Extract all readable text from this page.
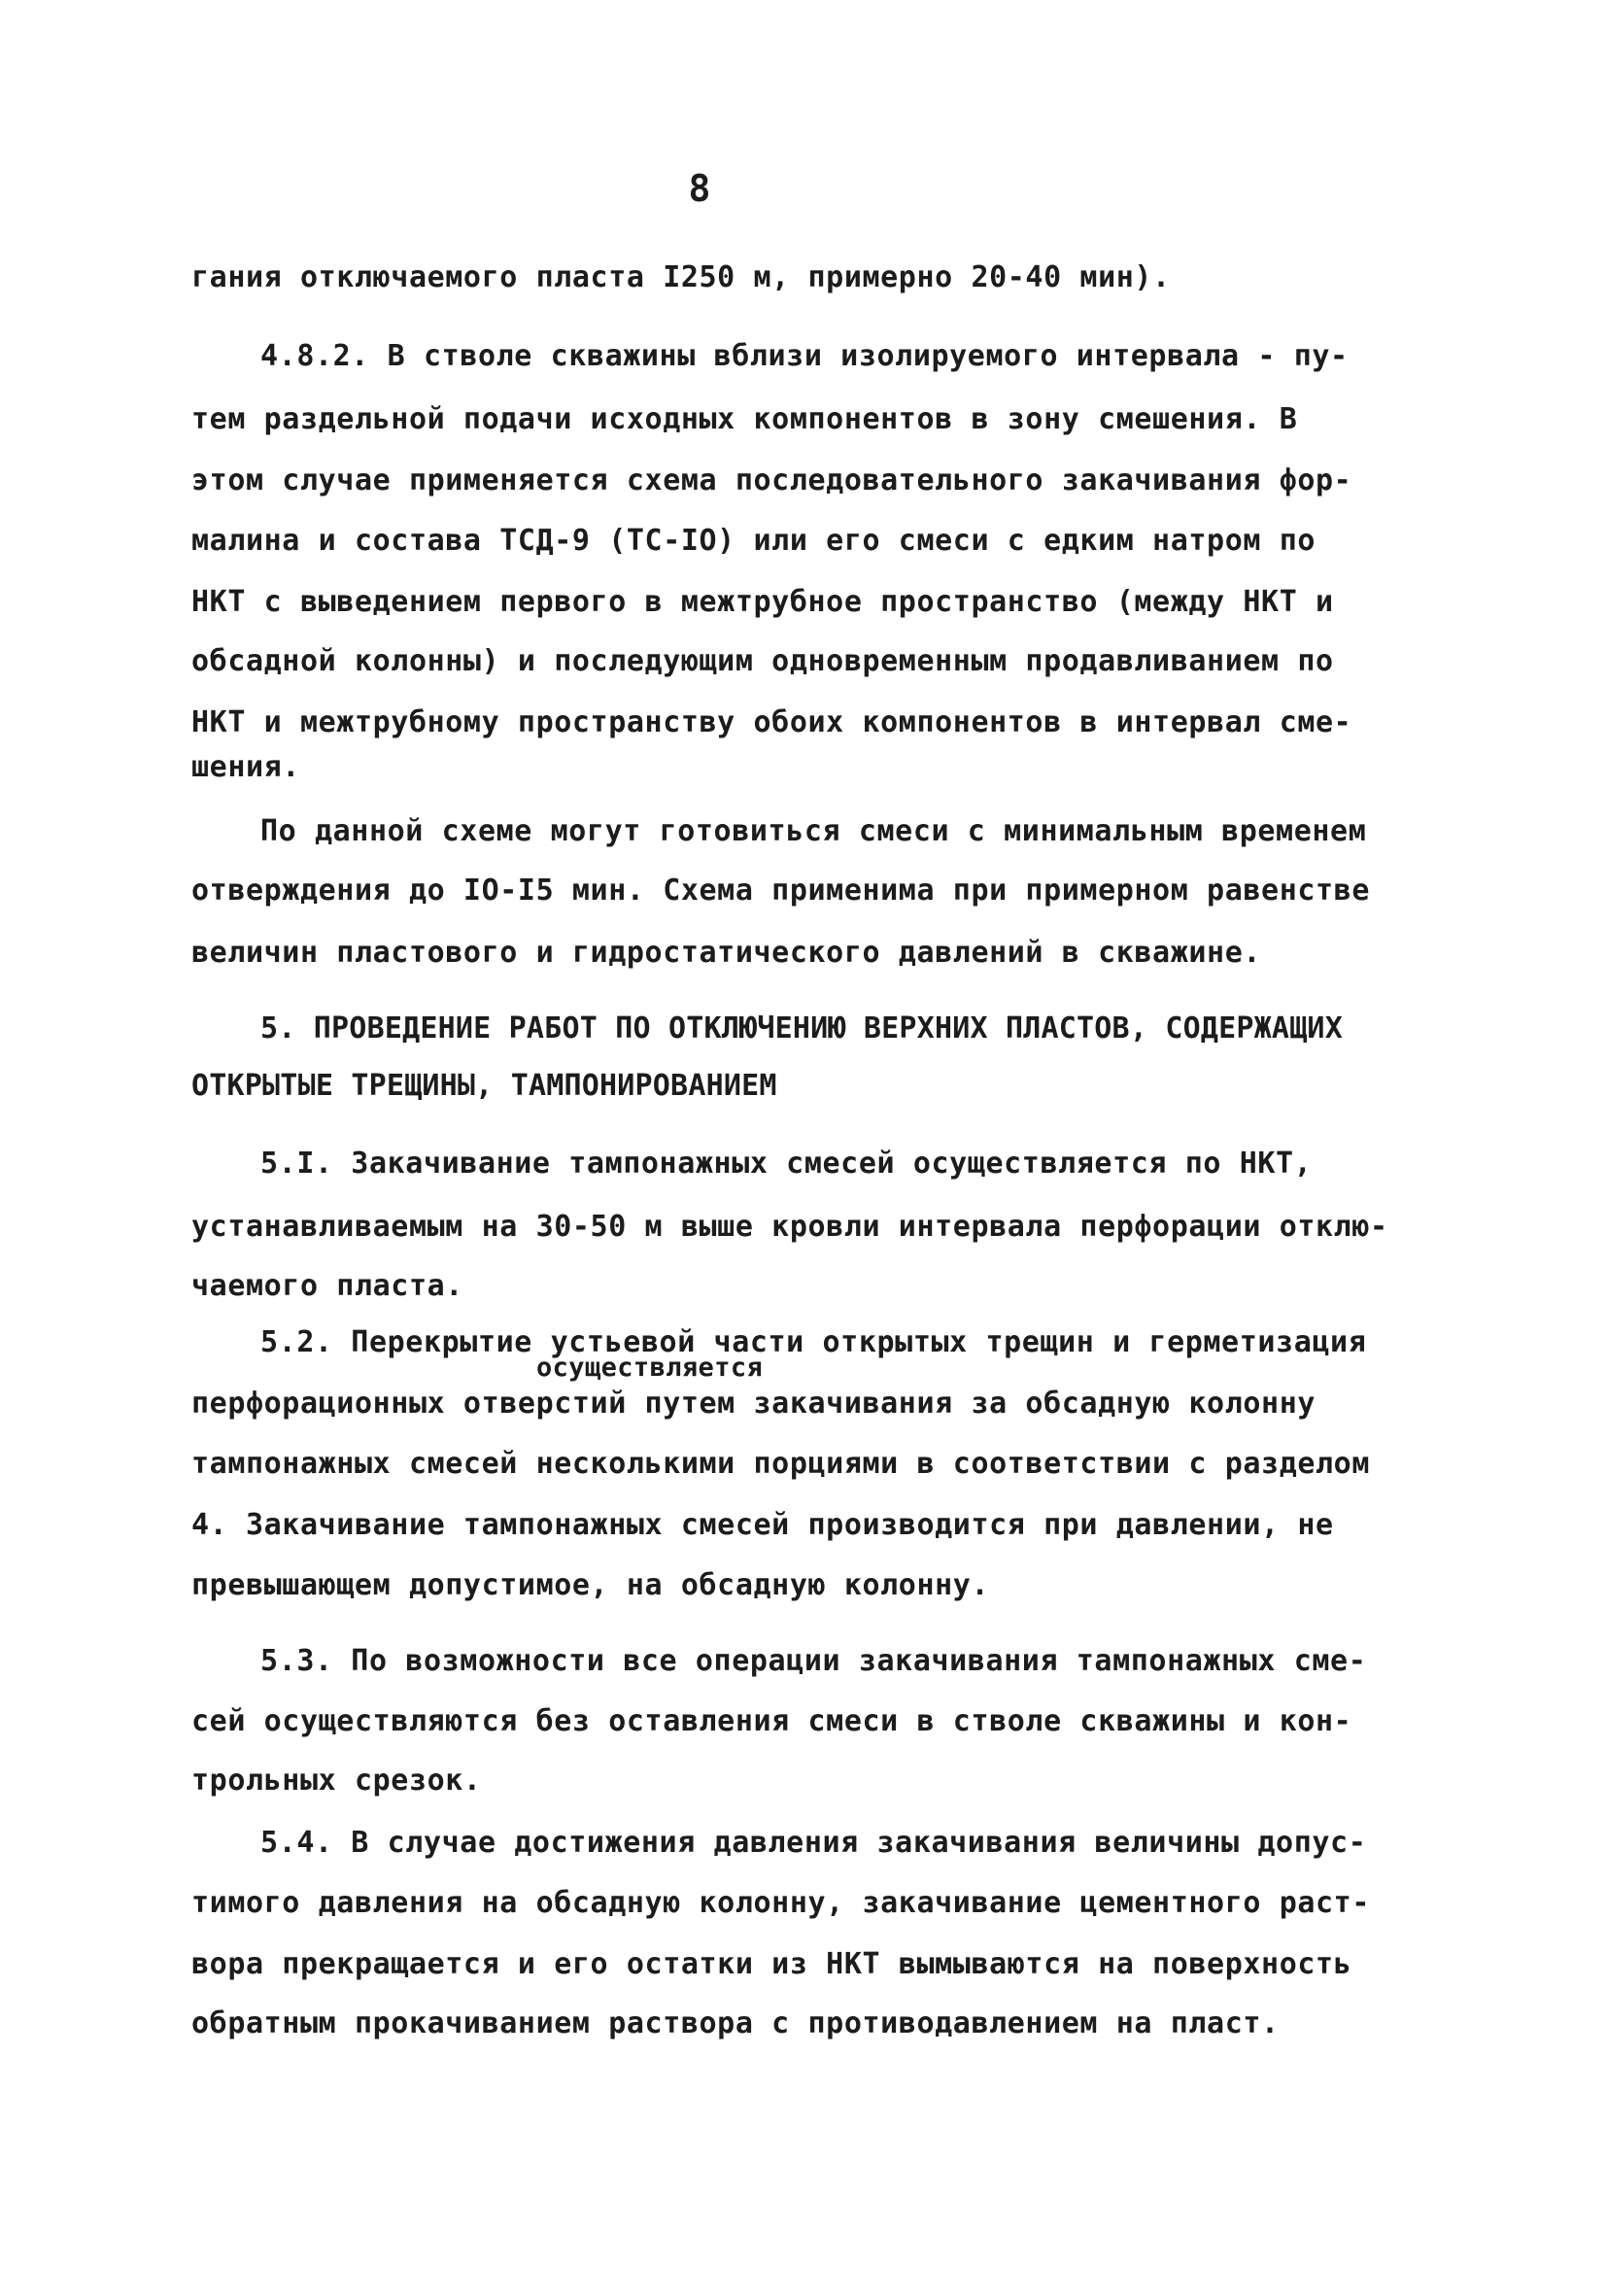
8
гания отключаемого пласта I250 м, примерно 20-40 мин).
4.8.2. В стволе скважины вблизи изолируемого интервала - пу-
тем раздельной подачи исходных компонентов в зону смешения. В
этом случае применяется схема последовательного закачивания фор-
малина и состава ТСД-9 (ТС-IO) или его смеси с едким натром по
НКТ с выведением первого в межтрубное пространство (между НКТ и
обсадной колонны) и последующим одновременным продавливанием по
НКТ и межтрубному пространству обоих компонентов в интервал сме-
шения.
По данной схеме могут готовиться смеси с минимальным временем
отверждения до IO-I5 мин. Схема применима при примерном равенстве
величин пластового и гидростатического давлений в скважине.
5. ПРОВЕДЕНИЕ РАБОТ ПО ОТКЛЮЧЕНИЮ ВЕРХНИХ ПЛАСТОВ, СОДЕРЖАЩИХ
ОТКРЫТЫЕ ТРЕЩИНЫ, ТАМПОНИРОВАНИЕМ
5.I. Закачивание тампонажных смесей осуществляется по НКТ,
устанавливаемым на 30-50 м выше кровли интервала перфорации отклю-
чаемого пласта.
5.2. Перекрытие устьевой части открытых трещин и герметизация
осуществляется
перфорационных отверстий путем закачивания за обсадную колонну
тампонажных смесей несколькими порциями в соответствии с разделом
4. Закачивание тампонажных смесей производится при давлении, не
превышающем допустимое, на обсадную колонну.
5.3. По возможности все операции закачивания тампонажных сме-
сей осуществляются без оставления смеси в стволе скважины и кон-
трольных срезок.
5.4. В случае достижения давления закачивания величины допус-
тимого давления на обсадную колонну, закачивание цементного раст-
вора прекращается и его остатки из НКТ вымываются на поверхность
обратным прокачиванием раствора с противодавлением на пласт.
